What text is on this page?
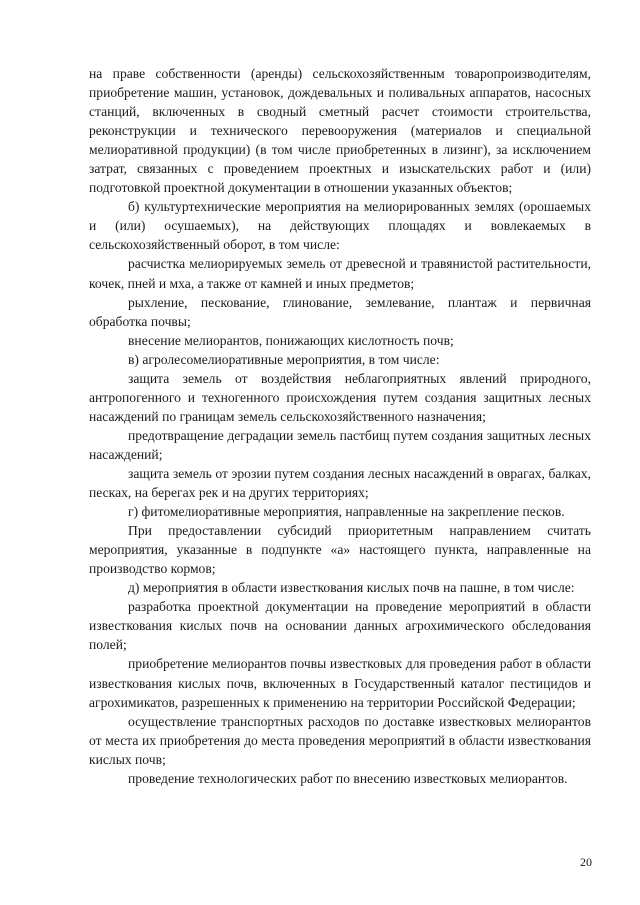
на праве собственности (аренды) сельскохозяйственным товаропроизводителям, приобретение машин, установок, дождевальных и поливальных аппаратов, насосных станций, включенных в сводный сметный расчет стоимости строительства, реконструкции и технического перевооружения (материалов и специальной мелиоративной продукции) (в том числе приобретенных в лизинг), за исключением затрат, связанных с проведением проектных и изыскательских работ и (или) подготовкой проектной документации в отношении указанных объектов;

б) культуртехнические мероприятия на мелиорированных землях (орошаемых и (или) осушаемых), на действующих площадях и вовлекаемых в сельскохозяйственный оборот, в том числе:

расчистка мелиорируемых земель от древесной и травянистой растительности, кочек, пней и мха, а также от камней и иных предметов;

рыхление, пескование, глинование, землевание, плантаж и первичная обработка почвы;

внесение мелиорантов, понижающих кислотность почв;

в) агролесомелиоративные мероприятия, в том числе:

защита земель от воздействия неблагоприятных явлений природного, антропогенного и техногенного происхождения путем создания защитных лесных насаждений по границам земель сельскохозяйственного назначения;

предотвращение деградации земель пастбищ путем создания защитных лесных насаждений;

защита земель от эрозии путем создания лесных насаждений в оврагах, балках, песках, на берегах рек и на других территориях;

г) фитомелиоративные мероприятия, направленные на закрепление песков.

При предоставлении субсидий приоритетным направлением считать мероприятия, указанные в подпункте «а» настоящего пункта, направленные на производство кормов;

д) мероприятия в области известкования кислых почв на пашне, в том числе:

разработка проектной документации на проведение мероприятий в области известкования кислых почв на основании данных агрохимического обследования полей;

приобретение мелиорантов почвы известковых для проведения работ в области известкования кислых почв, включенных в Государственный каталог пестицидов и агрохимикатов, разрешенных к применению на территории Российской Федерации;

осуществление транспортных расходов по доставке известковых мелиорантов от места их приобретения до места проведения мероприятий в области известкования кислых почв;

проведение технологических работ по внесению известковых мелиорантов.

20
